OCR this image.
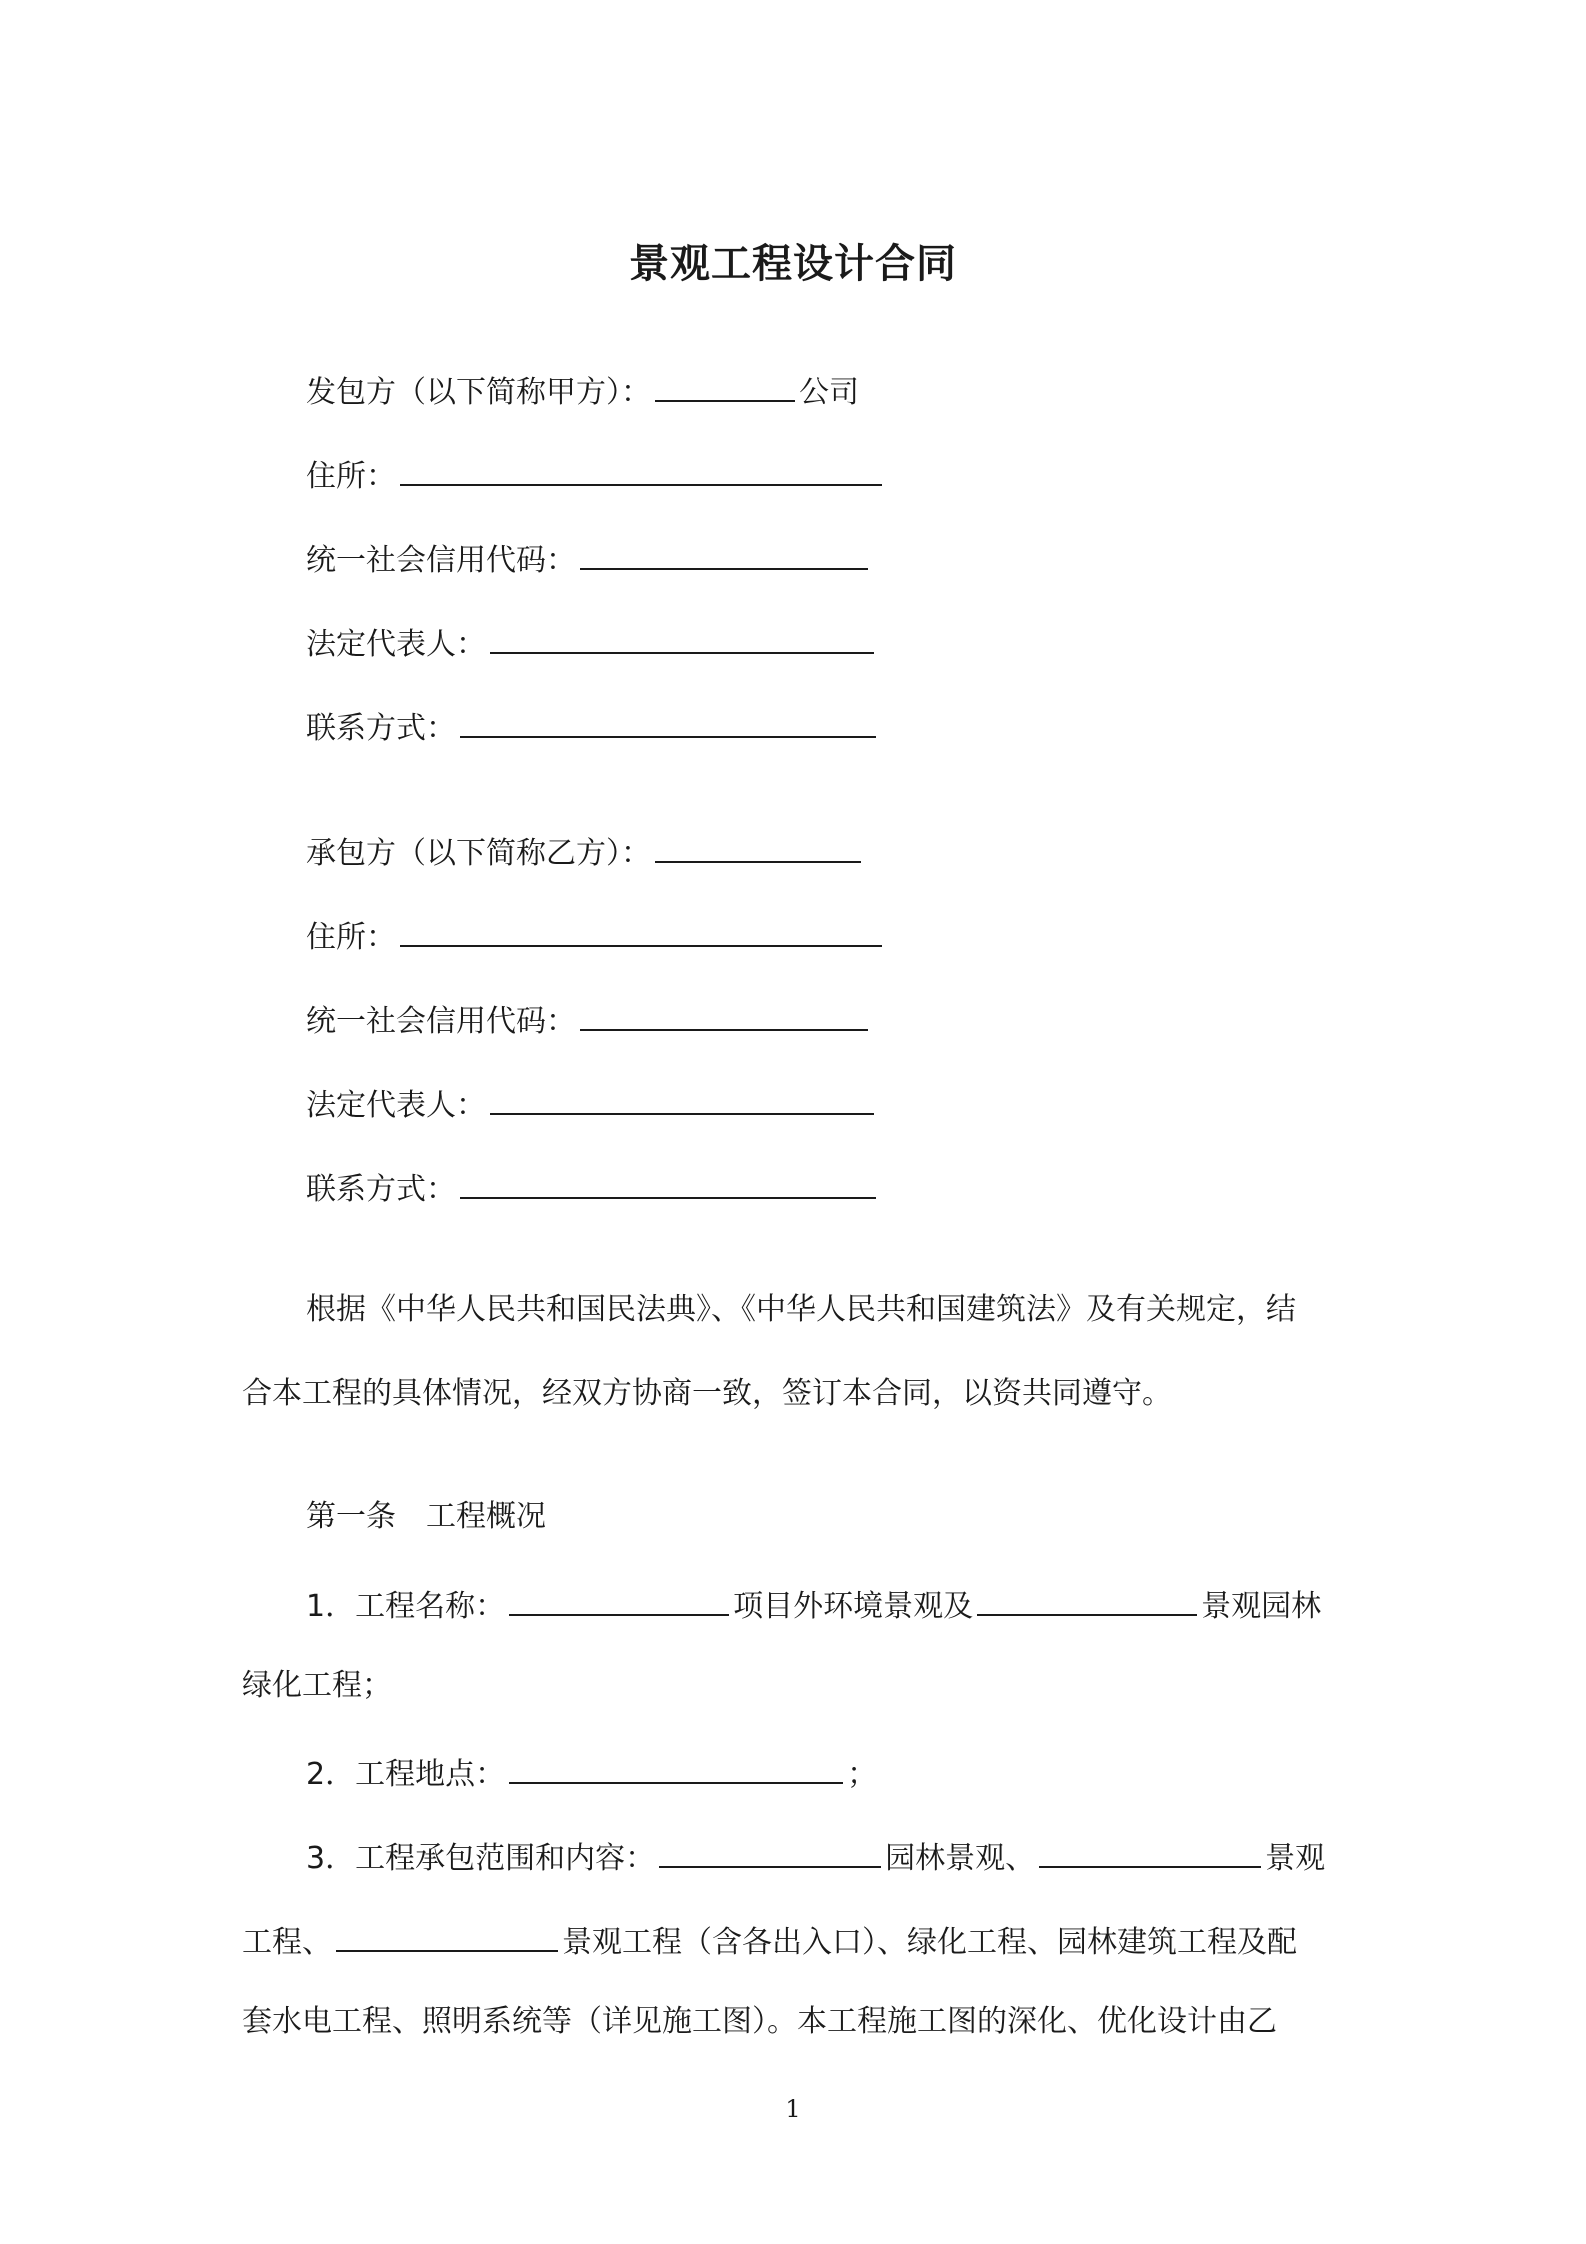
景观工程设计合同
发包方（以下简称甲方）：	公司
住所：
统一社会信用代码：
法定代表人：
联系方式：
承包方（以下简称乙方）：
住所：
统一社会信用代码：
法定代表人：
联系方式：
根据《中华人民共和国民法典》、《中华人民共和国建筑法》及有关规定，结
合本工程的具体情况，经双方协商一致，签订本合同，以资共同遵守。
第一条　工程概况
1．工程名称：	项目外环境景观及	景观园林
绿化工程；
2．工程地点：	；
3．工程承包范围和内容：	园林景观、	景观
工程、	景观工程（含各出入口）、绿化工程、园林建筑工程及配
套水电工程、照明系统等（详见施工图）。本工程施工图的深化、优化设计由乙
1
